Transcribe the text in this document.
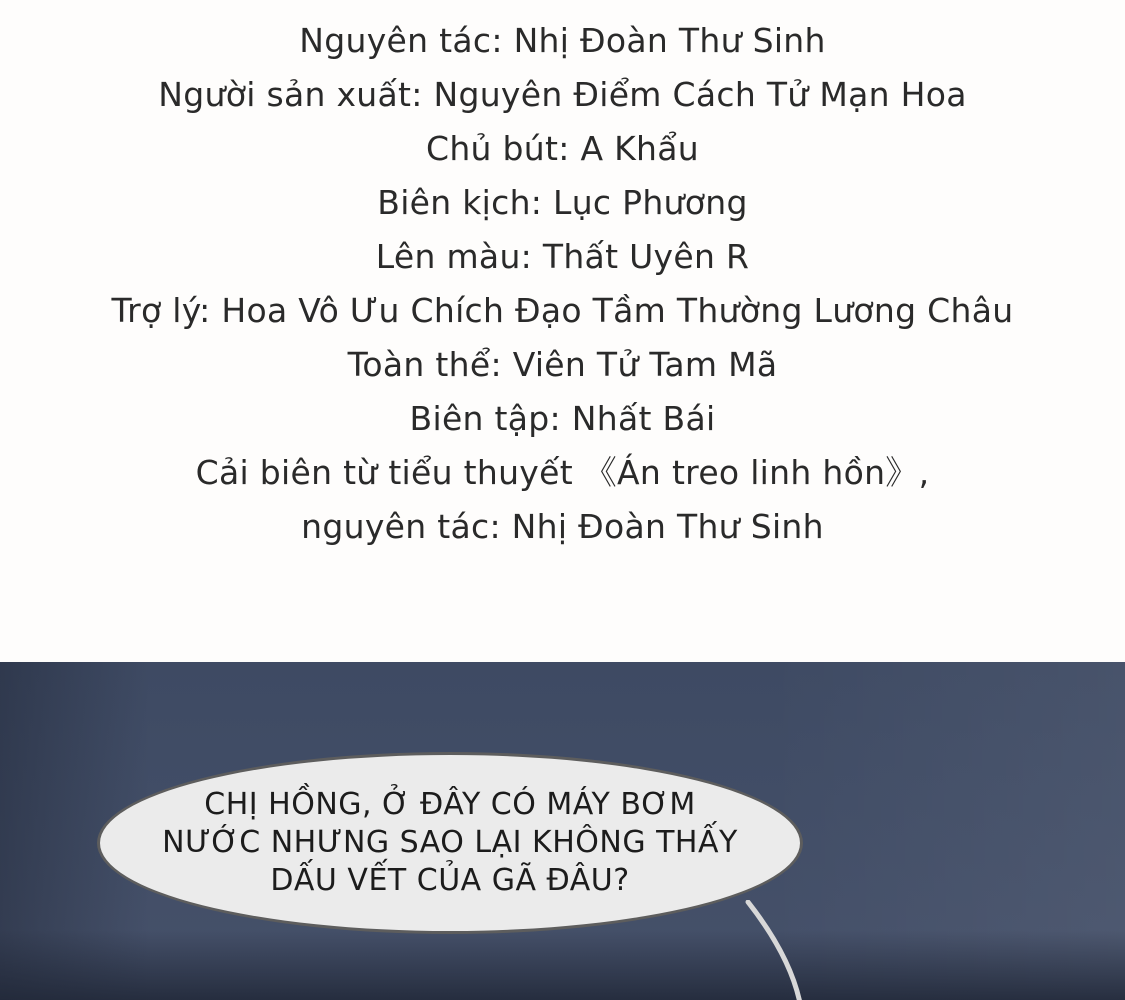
Nguyên tác: Nhị Đoàn Thư Sinh
Người sản xuất: Nguyên Điểm Cách Tử Mạn Hoa
Chủ bút: A Khẩu
Biên kịch: Lục Phương
Lên màu: Thất Uyên R
Trợ lý: Hoa Vô Ưu Chích Đạo Tầm Thường Lương Châu
Toàn thể: Viên Tử Tam Mã
Biên tập: Nhất Bái
Cải biên từ tiểu thuyết 《Án treo linh hồn》,
nguyên tác: Nhị Đoàn Thư Sinh
CHỊ HỒNG, Ở ĐÂY CÓ MÁY BƠM
NƯỚC NHƯNG SAO LẠI KHÔNG THẤY
DẤU VẾT CỦA GÃ ĐÂU?
